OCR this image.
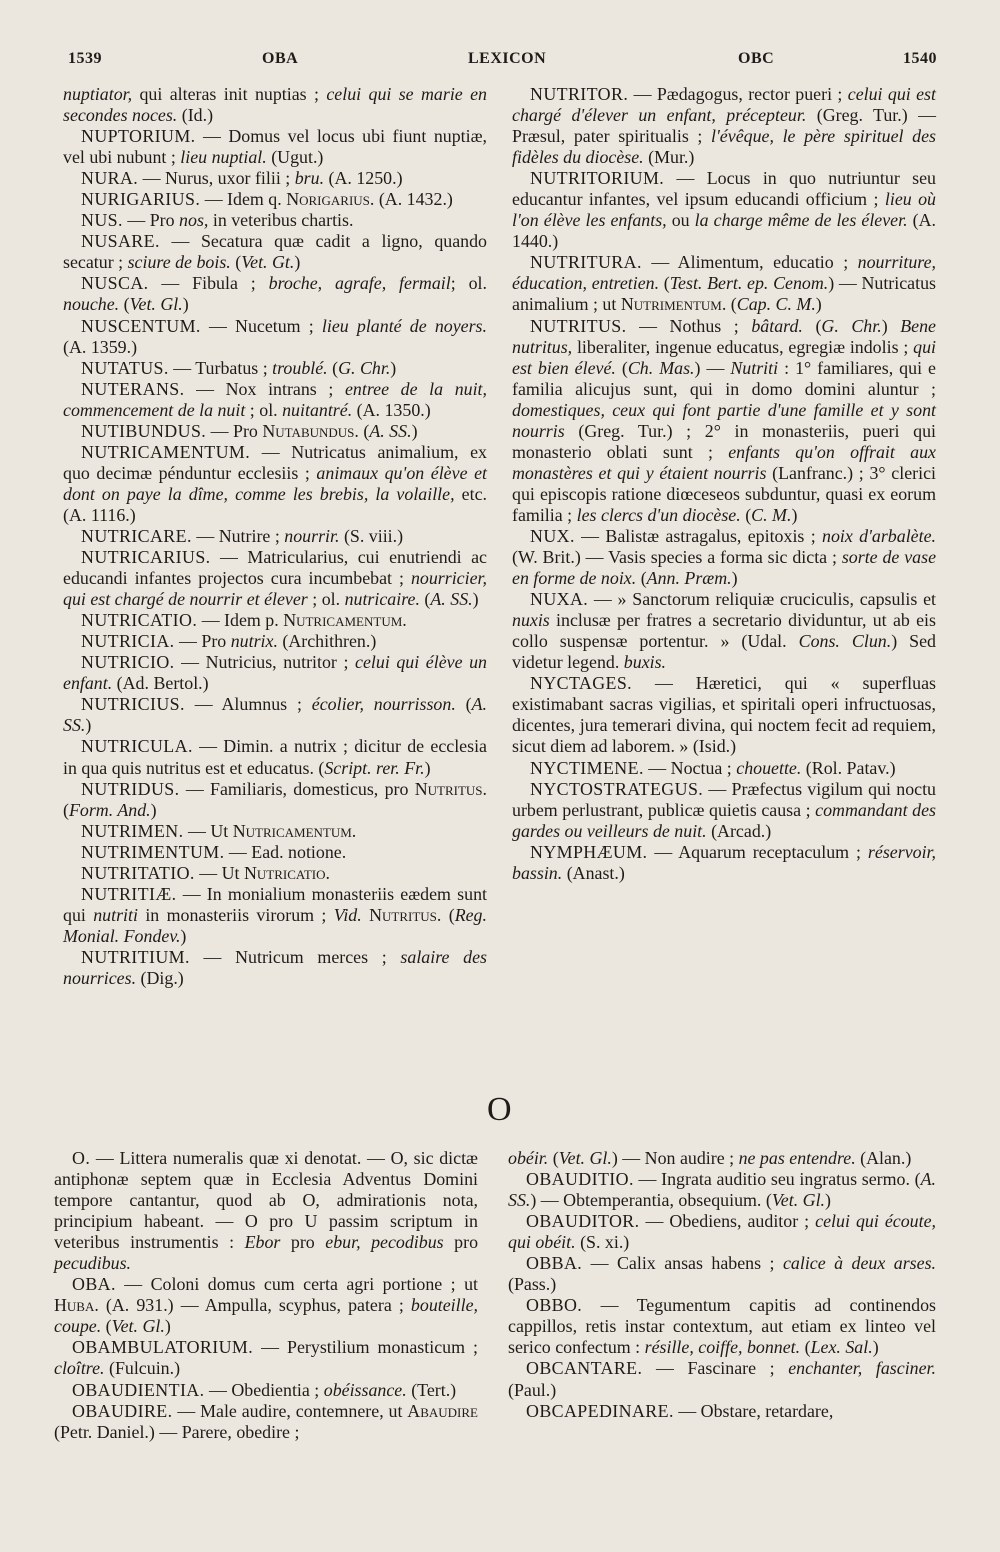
1539	OBA	LEXICON	OBC	1540

nuptiator, qui alteras init nuptias ; celui qui se marie en secondes noces. (Id.)

NUPTORIUM. — Domus vel locus ubi fiunt nuptiæ, vel ubi nubunt ; lieu nuptial. (Ugut.)

NURA. — Nurus, uxor filii ; bru. (A. 1250.)

NURIGARIUS. — Idem q. Norigarius. (A. 1432.)

NUS. — Pro nos, in veteribus chartis.

NUSARE. — Secatura quæ cadit a ligno, quando secatur ; sciure de bois. (Vet. Gt.)

NUSCA. — Fibula ; broche, agrafe, fermail; ol. nouche. (Vet. Gl.)

NUSCENTUM. — Nucetum ; lieu planté de noyers. (A. 1359.)

NUTATUS. — Turbatus ; troublé. (G. Chr.)

NUTERANS. — Nox intrans ; entree de la nuit, commencement de la nuit ; ol. nuitantré. (A. 1350.)

NUTIBUNDUS. — Pro Nutabundus. (A. SS.)

NUTRICAMENTUM. — Nutricatus animalium, ex quo decimæ pénduntur ecclesiis ; animaux qu'on élève et dont on paye la dîme, comme les brebis, la volaille, etc. (A. 1116.)

NUTRICARE. — Nutrire ; nourrir. (S. viii.)

NUTRICARIUS. — Matricularius, cui enutriendi ac educandi infantes projectos cura incumbebat ; nourricier, qui est chargé de nourrir et élever ; ol. nutricaire. (A. SS.)

NUTRICATIO. — Idem p. Nutricamentum.

NUTRICIA. — Pro nutrix. (Archithren.)

NUTRICIO. — Nutricius, nutritor ; celui qui élève un enfant. (Ad. Bertol.)

NUTRICIUS. — Alumnus ; écolier, nourrisson. (A. SS.)

NUTRICULA. — Dimin. a nutrix ; dicitur de ecclesia in qua quis nutritus est et educatus. (Script. rer. Fr.)

NUTRIDUS. — Familiaris, domesticus, pro Nutritus. (Form. And.)

NUTRIMEN. — Ut Nutricamentum.

NUTRIMENTUM. — Ead. notione.

NUTRITATIO. — Ut Nutricatio.

NUTRITIÆ. — In monialium monasteriis eædem sunt qui nutriti in monasteriis virorum ; Vid. Nutritus. (Reg. Monial. Fondev.)

NUTRITIUM. — Nutricum merces ; salaire des nourrices. (Dig.)

NUTRITOR. — Pædagogus, rector pueri ; celui qui est chargé d'élever un enfant, précepteur. (Greg. Tur.) — Præsul, pater spiritualis ; l'évêque, le père spirituel des fidèles du diocèse. (Mur.)

NUTRITORIUM. — Locus in quo nutriuntur seu educantur infantes, vel ipsum educandi officium ; lieu où l'on élève les enfants, ou la charge même de les élever. (A. 1440.)

NUTRITURA. — Alimentum, educatio ; nourriture, éducation, entretien. (Test. Bert. ep. Cenom.) — Nutricatus animalium ; ut Nutrimentum. (Cap. C. M.)

NUTRITUS. — Nothus ; bâtard. (G. Chr.) Bene nutritus, liberaliter, ingenue educatus, egregiæ indolis ; qui est bien élevé. (Ch. Mas.) — Nutriti : 1° familiares, qui e familia alicujus sunt, qui in domo domini aluntur ; domestiques, ceux qui font partie d'une famille et y sont nourris (Greg. Tur.) ; 2° in monasteriis, pueri qui monasterio oblati sunt ; enfants qu'on offrait aux monastères et qui y étaient nourris (Lanfranc.) ; 3° clerici qui episcopis ratione diœceseos subduntur, quasi ex eorum familia ; les clercs d'un diocèse. (C. M.)

NUX. — Balistæ astragalus, epitoxis ; noix d'arbalète. (W. Brit.) — Vasis species a forma sic dicta ; sorte de vase en forme de noix. (Ann. Præm.)

NUXA. — » Sanctorum reliquiæ cruciculis, capsulis et nuxis inclusæ per fratres a secretario dividuntur, ut ab eis collo suspensæ portentur. » (Udal. Cons. Clun.) Sed videtur legend. buxis.

NYCTAGES. — Hæretici, qui « superfluas existimabant sacras vigilias, et spiritali operi infructuosas, dicentes, jura temerari divina, qui noctem fecit ad requiem, sicut diem ad laborem. » (Isid.)

NYCTIMENE. — Noctua ; chouette. (Rol. Patav.)

NYCTOSTRATEGUS. — Præfectus vigilum qui noctu urbem perlustrant, publicæ quietis causa ; commandant des gardes ou veilleurs de nuit. (Arcad.)

NYMPHÆUM. — Aquarum receptaculum ; réservoir, bassin. (Anast.)

O

O. — Littera numeralis quæ xi denotat. — O, sic dictæ antiphonæ septem quæ in Ecclesia Adventus Domini tempore cantantur, quod ab O, admirationis nota, principium habeant. — O pro U passim scriptum in veteribus instrumentis : Ebor pro ebur, pecodibus pro pecudibus.

OBA. — Coloni domus cum certa agri portione ; ut Huba. (A. 931.) — Ampulla, scyphus, patera ; bouteille, coupe. (Vet. Gl.)

OBAMBULATORIUM. — Perystilium monasticum ; cloître. (Fulcuin.)

OBAUDIENTIA. — Obedientia ; obéissance. (Tert.)

OBAUDIRE. — Male audire, contemnere, ut Abaudire (Petr. Daniel.) — Parere, obedire ;

obéir. (Vet. Gl.) — Non audire ; ne pas entendre. (Alan.)

OBAUDITIO. — Ingrata auditio seu ingratus sermo. (A. SS.) — Obtemperantia, obsequium. (Vet. Gl.)

OBAUDITOR. — Obediens, auditor ; celui qui écoute, qui obéit. (S. xi.)

OBBA. — Calix ansas habens ; calice à deux arses. (Pass.)

OBBO. — Tegumentum capitis ad continendos cappillos, retis instar contextum, aut etiam ex linteo vel serico confectum : résille, coiffe, bonnet. (Lex. Sal.)

OBCANTARE. — Fascinare ; enchanter, fasciner. (Paul.)

OBCAPEDINARE. — Obstare, retardare,
